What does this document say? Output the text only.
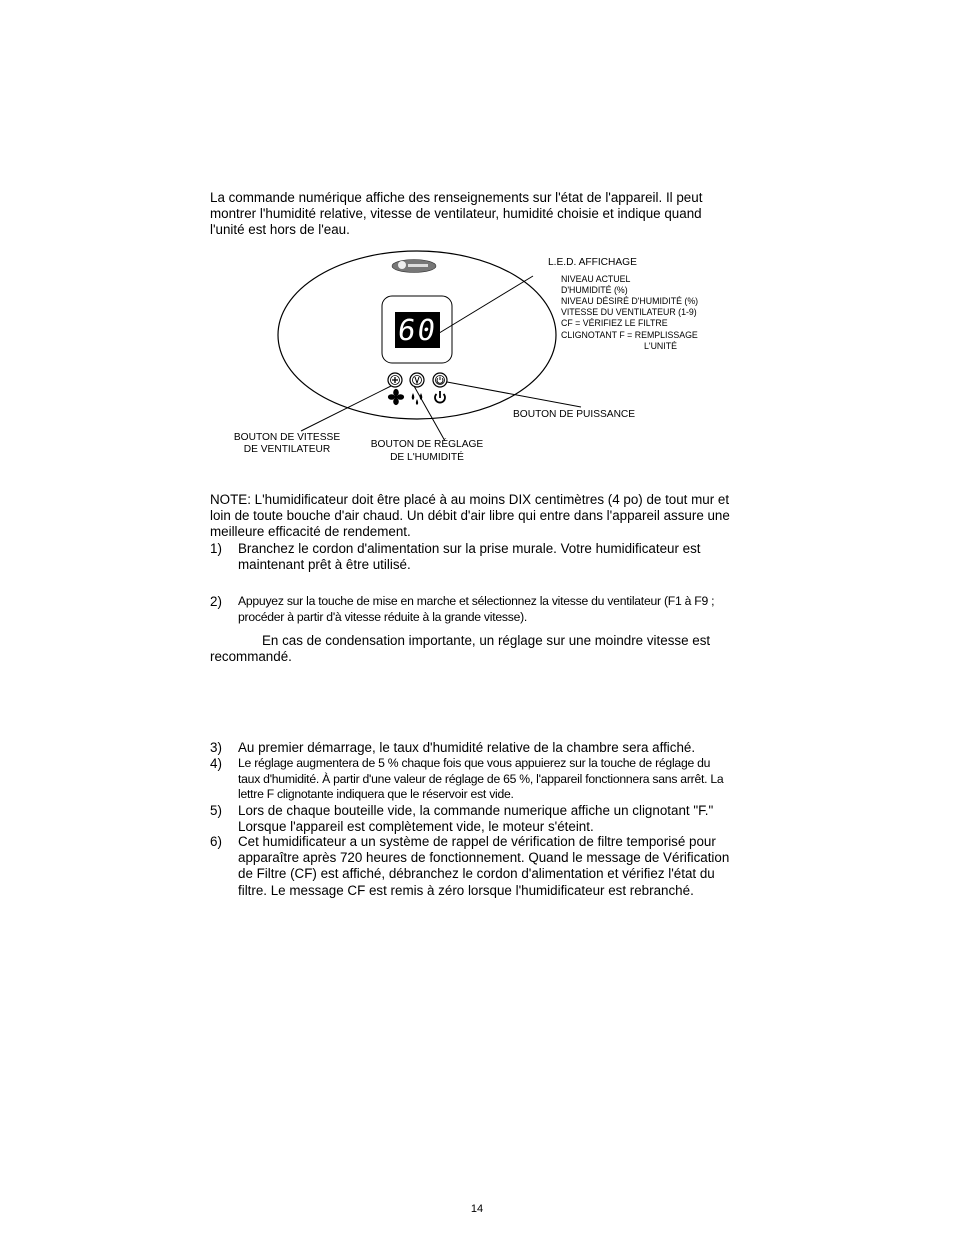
La commande numérique affiche des renseignements sur l'état de l'appareil. Il peut montrer l'humidité relative, vitesse de ventilateur, humidité choisie et indique quand l'unité est hors de l'eau.
60
L.E.D. AFFICHAGE
NIVEAU ACTUEL
D'HUMIDITÉ (%)
NIVEAU DÉSIRÉ D'HUMIDITÉ (%)
VITESSE DU VENTILATEUR (1-9)
CF = VÉRIFIEZ LE FILTRE
CLIGNOTANT F = REMPLISSAGE
L'UNITÉ
BOUTON DE PUISSANCE
BOUTON DE VITESSE
DE VENTILATEUR	BOUTON DE RÉGLAGE
DE L'HUMIDITÉ
NOTE: L'humidificateur doit être placé à au moins DIX centimètres (4 po) de tout mur et loin de toute bouche d'air chaud. Un débit d'air libre qui entre dans l'appareil assure une meilleure efficacité de rendement.
1)	Branchez le cordon d'alimentation sur la prise murale. Votre humidificateur est maintenant prêt à être utilisé.
2)	Appuyez sur la touche de mise en marche et sélectionnez la vitesse du ventilateur (F1 à F9 ; procéder à partir d'à vitesse réduite à la grande vitesse).
En cas de condensation importante, un réglage sur une moindre vitesse est recommandé.
3)	Au premier démarrage, le taux d'humidité relative de la chambre sera affiché.
4)	Le réglage augmentera de 5 % chaque fois que vous appuierez sur la touche de réglage du taux d'humidité. À partir d'une valeur de réglage de 65 %, l'appareil fonctionnera sans arrêt. La lettre F clignotante indiquera que le réservoir est vide.
5)	Lors de chaque bouteille vide, la commande numerique affiche un clignotant "F." Lorsque l'appareil est complètement vide, le moteur s'éteint.
6)	Cet humidificateur a un système de rappel de vérification de filtre temporisé pour apparaître après 720 heures de fonctionnement. Quand le message de Vérification de Filtre (CF) est affiché, débranchez le cordon d'alimentation et vérifiez l'état du filtre. Le message CF est remis à zéro lorsque l'humidificateur est rebranché.
14
